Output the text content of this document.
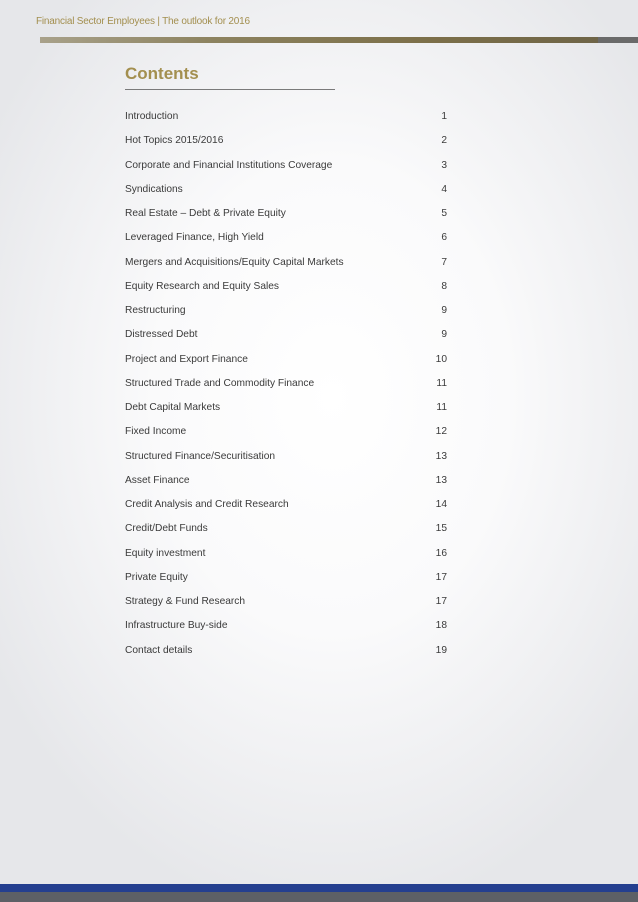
Financial Sector Employees | The outlook for 2016
Contents
Introduction	1
Hot Topics 2015/2016	2
Corporate and Financial Institutions Coverage	3
Syndications	4
Real Estate – Debt & Private Equity	5
Leveraged Finance, High Yield	6
Mergers and Acquisitions/Equity Capital Markets	7
Equity Research and Equity Sales	8
Restructuring	9
Distressed Debt	9
Project and Export Finance	10
Structured Trade and Commodity Finance	11
Debt Capital Markets	11
Fixed Income	12
Structured Finance/Securitisation	13
Asset Finance	13
Credit Analysis and Credit Research	14
Credit/Debt Funds	15
Equity investment	16
Private Equity	17
Strategy & Fund Research	17
Infrastructure Buy-side	18
Contact details	19
